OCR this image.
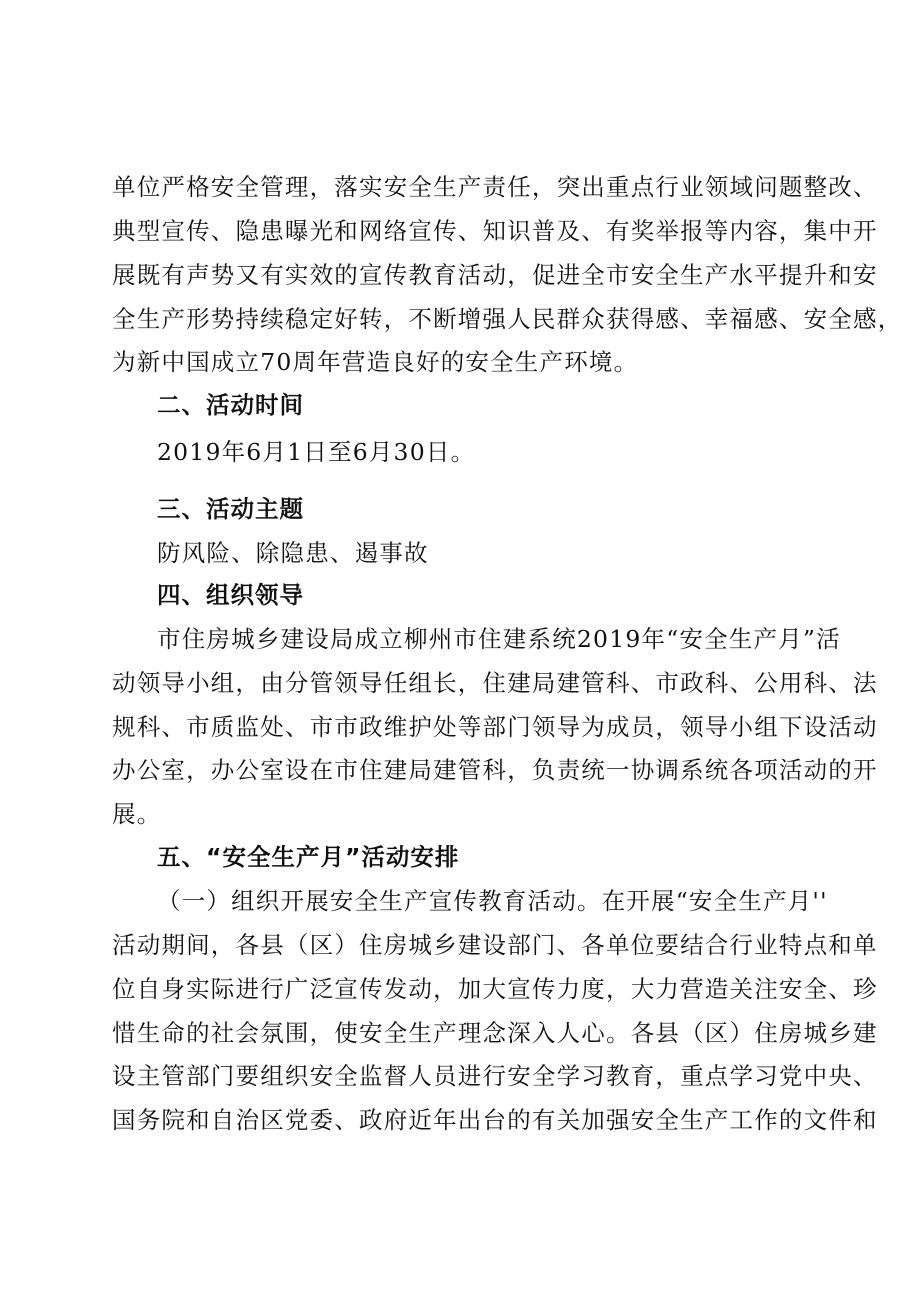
单位严格安全管理，落实安全生产责任，突出重点行业领域问题整改、
典型宣传、隐患曝光和网络宣传、知识普及、有奖举报等内容，集中开
展既有声势又有实效的宣传教育活动，促进全市安全生产水平提升和安
全生产形势持续稳定好转，不断增强人民群众获得感、幸福感、安全感，
为新中国成立70周年营造良好的安全生产环境。
二、活动时间
2019年6月1日至6月30日。
三、活动主题
防风险、除隐患、遏事故
四、组织领导
市住房城乡建设局成立柳州市住建系统2019年“安全生产月”活
动领导小组，由分管领导任组长，住建局建管科、市政科、公用科、法
规科、市质监处、市市政维护处等部门领导为成员，领导小组下设活动
办公室，办公室设在市住建局建管科，负责统一协调系统各项活动的开
展。
五、“安全生产月”活动安排
（一）组织开展安全生产宣传教育活动。在开展“安全生产月''
活动期间，各县（区）住房城乡建设部门、各单位要结合行业特点和单
位自身实际进行广泛宣传发动，加大宣传力度，大力营造关注安全、珍
惜生命的社会氛围，使安全生产理念深入人心。各县（区）住房城乡建
设主管部门要组织安全监督人员进行安全学习教育，重点学习党中央、
国务院和自治区党委、政府近年出台的有关加强安全生产工作的文件和
